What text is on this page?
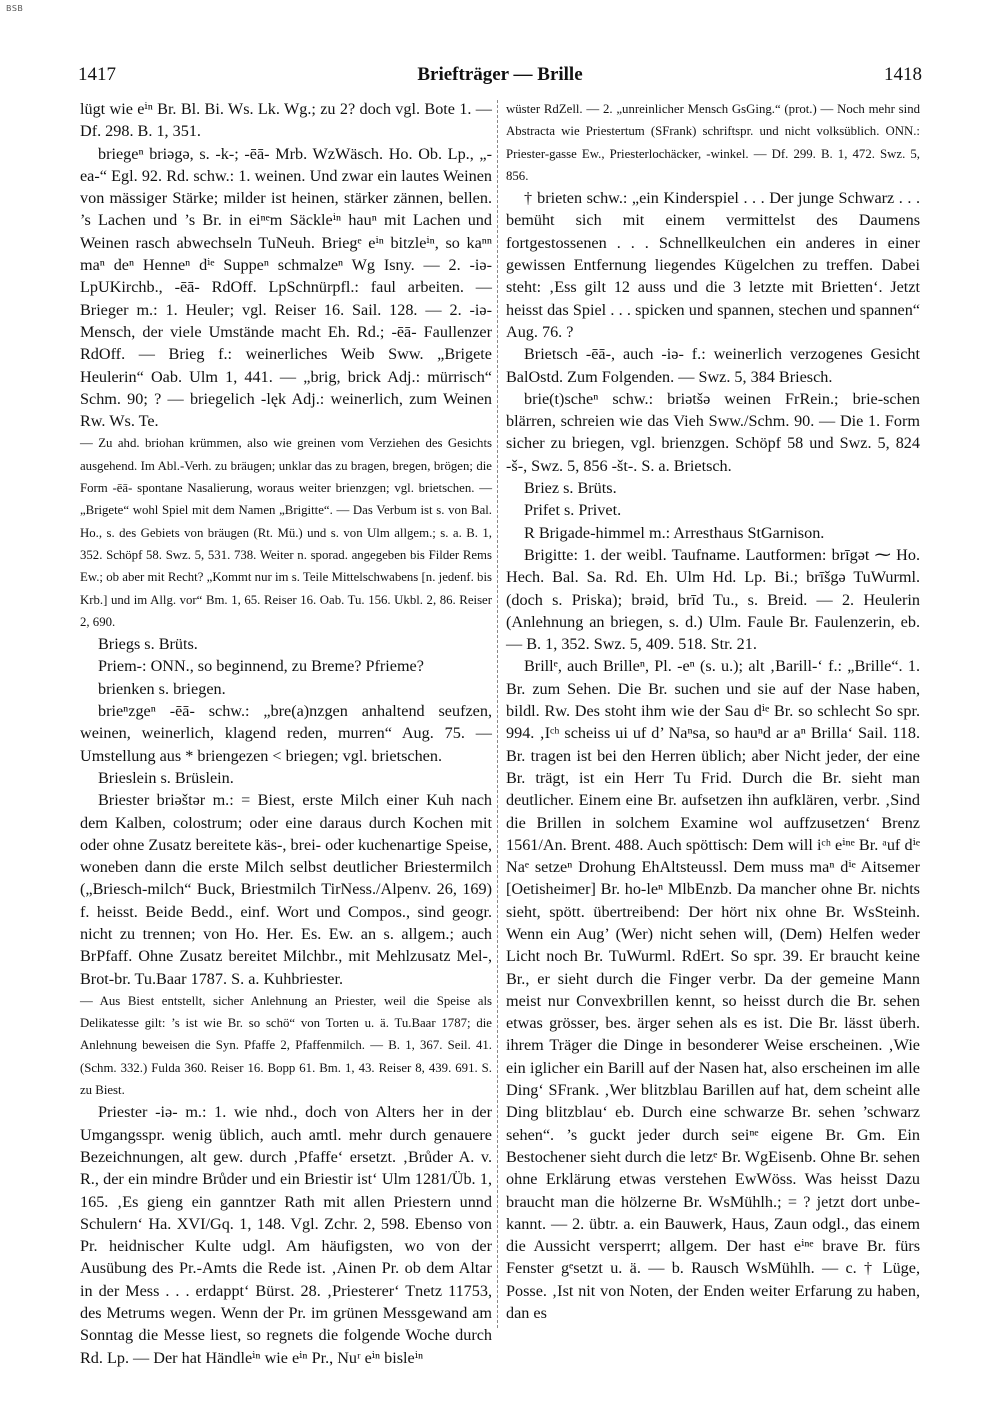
BSB
1417	Briefträger — Brille	1418

lügt wie eⁱⁿ Br. Bl. Bi. Ws. Lk. Wg.; zu 2? doch vgl. Bote 1. — Df. 298. B. 1, 351.

briegeⁿ briəgə, s. -k-; -ēā- Mrb. WzWäsch. Ho. Ob. Lp., „-ea-“ Egl. 92. Rd. schw.: 1. weinen. Und zwar ein lautes Weinen von mässiger Stärke; milder ist heinen, stärker zännen, bellen. ’s Lachen und ’s Br. in eiⁿᵉm Säckleⁱⁿ hauⁿ mit Lachen und Weinen rasch abwechseln TuNeuh. Briegᵉ eⁱⁿ bitzleⁱⁿ, so kaⁿⁿ maⁿ deⁿ Henneⁿ dⁱᵉ Suppeⁿ schmalzeⁿ Wg Isny. — 2. -iə- LpUKirchb., -ēā- RdOff. LpSchnürpfl.: faul arbeiten. — Brieger m.: 1. Heuler; vgl. Reiser 16. Sail. 128. — 2. -iə- Mensch, der viele Umstände macht Eh. Rd.; -ēā- Faullenzer RdOff. — Brieg f.: weinerliches Weib Sww. „Brigete Heulerin“ Oab. Ulm 1, 441. — „brig, brick Adj.: mürrisch“ Schm. 90; ? — briegelich -lęk Adj.: weinerlich, zum Weinen Rw. Ws. Te.

— Zu ahd. briohan krümmen, also wie greinen vom Verziehen des Gesichts ausgehend. Im Abl.-Verh. zu bräugen; unklar das zu bragen, bregen, brögen; die Form -ēā- spontane Nasalierung, woraus weiter brienzgen; vgl. brietschen. — „Brigete“ wohl Spiel mit dem Namen „Brigitte“. — Das Verbum ist s. von Bal. Ho., s. des Gebiets von bräugen (Rt. Mü.) und s. von Ulm allgem.; s. a. B. 1, 352. Schöpf 58. Swz. 5, 531. 738. Weiter n. sporad. angegeben bis Filder Rems Ew.; ob aber mit Recht? „Kommt nur im s. Teile Mittelschwabens [n. jedenf. bis Krb.] und im Allg. vor“ Bm. 1, 65. Reiser 16. Oab. Tu. 156. Ukbl. 2, 86. Reiser 2, 690.

Briegs s. Brüts.

Priem-: ONN., so beginnend, zu Breme? Pfrieme?

brienken s. briegen.

brieⁿzgeⁿ -ēā- schw.: „bre(a)nzgen anhaltend seufzen, weinen, weinerlich, klagend reden, murren“ Aug. 75. — Umstellung aus * briengezen < briegen; vgl. brietschen.

Brieslein s. Brüslein.

Briester briəštər m.: = Biest, erste Milch einer Kuh nach dem Kalben, colostrum; oder eine daraus durch Kochen mit oder ohne Zusatz bereitete käs-, brei- oder kuchenartige Speise, woneben dann die erste Milch selbst deutlicher Briestermilch („Briesch-milch“ Buck, Briestmilch TirNess./Alpenv. 26, 169) f. heisst. Beide Bedd., einf. Wort und Compos., sind geogr. nicht zu trennen; von Ho. Her. Es. Ew. an s. allgem.; auch BrPfaff. Ohne Zusatz bereitet Milchbr., mit Mehlzusatz Mel-, Brot-br. Tu.Baar 1787. S. a. Kuhbriester.

— Aus Biest entstellt, sicher Anlehnung an Priester, weil die Speise als Delikatesse gilt: ’s ist wie Br. so schö“ von Torten u. ä. Tu.Baar 1787; die Anlehnung beweisen die Syn. Pfaffe 2, Pfaffenmilch. — B. 1, 367. Seil. 41. (Schm. 332.) Fulda 360. Reiser 16. Bopp 61. Bm. 1, 43. Reiser 8, 439. 691. S. zu Biest.

Priester -iə- m.: 1. wie nhd., doch von Alters her in der Umgangsspr. wenig üblich, auch amtl. mehr durch genauere Bezeichnungen, alt gew. durch ‚Pfaffe‘ ersetzt. ‚Brůder A. v. R., der ein mindre Brůder und ein Briestir ist‘ Ulm 1281/Üb. 1, 165. ‚Es gieng ein ganntzer Rath mit allen Priestern unnd Schulern‘ Ha. XVI/Gq. 1, 148. Vgl. Zchr. 2, 598. Ebenso von Pr. heidnischer Kulte udgl. Am häufigsten, wo von der Ausübung des Pr.-Amts die Rede ist. ‚Ainen Pr. ob dem Altar in der Mess . . . erdappt‘ Bürst. 28. ‚Priesterer‘ Tnetz 11753, des Metrums wegen. Wenn der Pr. im grünen Messgewand am Sonntag die Messe liest, so regnets die folgende Woche durch Rd. Lp. — Der hat Händleⁱⁿ wie eⁱⁿ Pr., Nuʳ eⁱⁿ bisleⁱⁿ

wüster RdZell. — 2. „unreinlicher Mensch GsGing.“ (prot.) — Noch mehr sind Abstracta wie Priestertum (SFrank) schriftspr. und nicht volksüblich. ONN.: Priester-gasse Ew., Priesterlochäcker, -winkel. — Df. 299. B. 1, 472. Swz. 5, 856.

† brieten schw.: „ein Kinderspiel . . . Der junge Schwarz . . . bemüht sich mit einem vermittelst des Daumens fortgestossenen . . . Schnellkeulchen ein anderes in einer gewissen Entfernung liegendes Kügelchen zu treffen. Dabei steht: ‚Ess gilt 12 auss und die 3 letzte mit Brietten‘. Jetzt heisst das Spiel . . . spicken und spannen, stechen und spannen“ Aug. 76. ?

Brietsch -ēā-, auch -iə- f.: weinerlich verzogenes Gesicht BalOstd. Zum Folgenden. — Swz. 5, 384 Briesch.

brie(t)scheⁿ schw.: briətšə weinen FrRein.; brie-schen blärren, schreien wie das Vieh Sww./Schm. 90. — Die 1. Form sicher zu briegen, vgl. brienzgen. Schöpf 58 und Swz. 5, 824 -š-, Swz. 5, 856 -št-. S. a. Brietsch.

Briez s. Brüts.

Prifet s. Privet.

R Brigade-himmel m.: Arresthaus StGarnison.

Brigitte: 1. der weibl. Taufname. Lautformen: brīgət ⁓ Ho. Hech. Bal. Sa. Rd. Eh. Ulm Hd. Lp. Bi.; brīšgə TuWurml. (doch s. Priska); brəid, brīd Tu., s. Breid. — 2. Heulerin (Anlehnung an briegen, s. d.) Ulm. Faule Br. Faulenzerin, eb. — B. 1, 352. Swz. 5, 409. 518. Str. 21.

Brillᵉ, auch Brilleⁿ, Pl. -eⁿ (s. u.); alt ‚Barill-‘ f.: „Brille“. 1. Br. zum Sehen. Die Br. suchen und sie auf der Nase haben, bildl. Rw. Des stoht ihm wie der Sau dⁱᵉ Br. so schlecht So spr. 994. ‚Iᶜʰ scheiss ui uf d’ Naⁿsa, so hauⁿd ar aⁿ Brilla‘ Sail. 118. Br. tragen ist bei den Herren üblich; aber Nicht jeder, der eine Br. trägt, ist ein Herr Tu Frid. Durch die Br. sieht man deutlicher. Einem eine Br. aufsetzen ihn aufklären, verbr. ‚Sind die Brillen in solchem Examine wol auffzusetzen‘ Brenz 1561/An. Brent. 488. Auch spöttisch: Dem will iᶜʰ eⁱⁿᵉ Br. ᵃuf dⁱᵉ Naᵉ setzeⁿ Drohung EhAltsteussl. Dem muss maⁿ dⁱᵉ Aitsemer [Oetisheimer] Br. ho-leⁿ MlbEnzb. Da mancher ohne Br. nichts sieht, spött. übertreibend: Der hört nix ohne Br. WsSteinh. Wenn ein Aug’ (Wer) nicht sehen will, (Dem) Helfen weder Licht noch Br. TuWurml. RdErt. So spr. 39. Er braucht keine Br., er sieht durch die Finger verbr. Da der gemeine Mann meist nur Convexbrillen kennt, so heisst durch die Br. sehen etwas grösser, bes. ärger sehen als es ist. Die Br. lässt überh. ihrem Träger die Dinge in besonderer Weise erscheinen. ‚Wie ein iglicher ein Barill auf der Nasen hat, also erscheinen im alle Ding‘ SFrank. ‚Wer blitzblau Barillen auf hat, dem scheint alle Ding blitzblau‘ eb. Durch eine schwarze Br. sehen ’schwarz sehen“. ’s guckt jeder durch seiⁿᵉ eigene Br. Gm. Ein Bestochener sieht durch die letzᵉ Br. WgEisenb. Ohne Br. sehen ohne Erklärung etwas verstehen EwWöss. Was heisst Dazu braucht man die hölzerne Br. WsMühlh.; = ? jetzt dort unbe-kannt. — 2. übtr. a. ein Bauwerk, Haus, Zaun odgl., das einem die Aussicht versperrt; allgem. Der hast eⁱⁿᵉ brave Br. fürs Fenster gᵉsetzt u. ä. — b. Rausch WsMühlh. — c. † Lüge, Posse. ‚Ist nit von Noten, der Enden weiter Erfarung zu haben, dan es
